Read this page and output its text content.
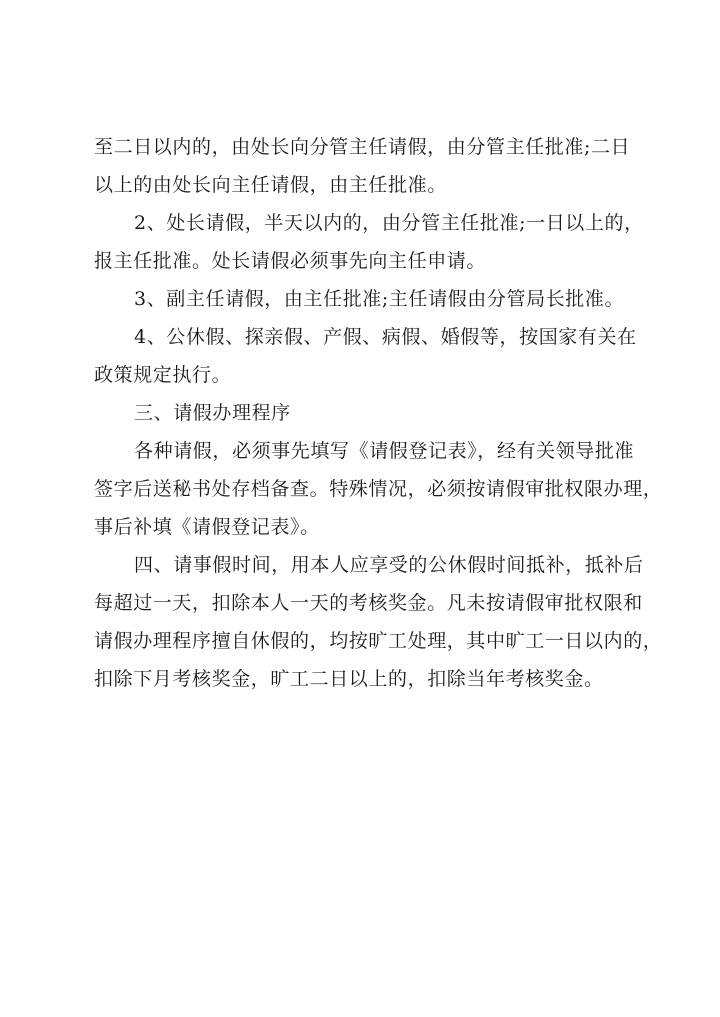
至二日以内的，由处长向分管主任请假，由分管主任批准;二日
以上的由处长向主任请假，由主任批准。
2、处长请假，半天以内的，由分管主任批准;一日以上的，
报主任批准。处长请假必须事先向主任申请。
3、副主任请假，由主任批准;主任请假由分管局长批准。
4、公休假、探亲假、产假、病假、婚假等，按国家有关在
政策规定执行。
三、请假办理程序
各种请假，必须事先填写《请假登记表》，经有关领导批准
签字后送秘书处存档备查。特殊情况，必须按请假审批权限办理，
事后补填《请假登记表》。
四、请事假时间，用本人应享受的公休假时间抵补，抵补后
每超过一天，扣除本人一天的考核奖金。凡未按请假审批权限和
请假办理程序擅自休假的，均按旷工处理，其中旷工一日以内的，
扣除下月考核奖金，旷工二日以上的，扣除当年考核奖金。
